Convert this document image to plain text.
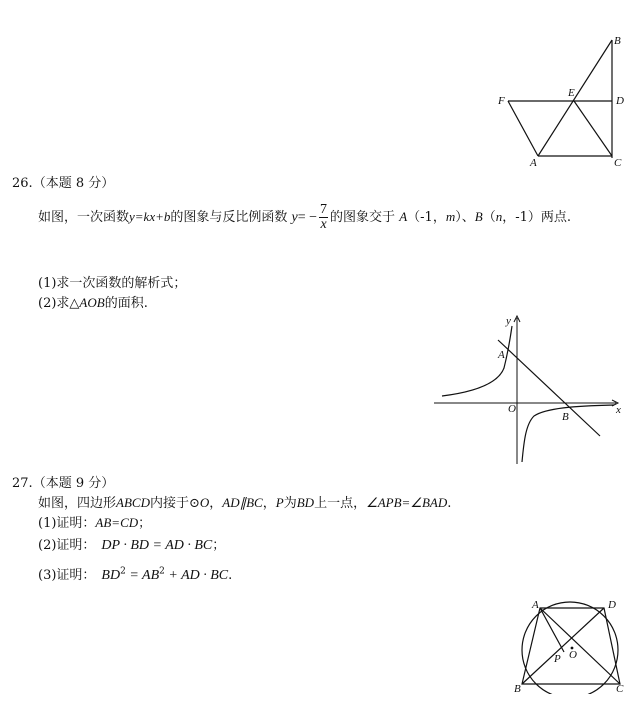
B
F
E
D
A	C
26.（本题 8 分）
如图，一次函数y=kx+b的图象与反比例函数 $y= - \frac{7}{x}$ 的图象交于 A（-1，m）、B（n，-1）两点.
(1)求一次函数的解析式；
(2)求△AOB的面积.
y
x
A
O
B
27.（本题 9 分）
如图，四边形ABCD内接于⊙O，AD∥BC，P为BD上一点，∠APB=∠BAD.
(1)证明：AB=CD；
(2)证明： DP · BD = AD · BC；
(3)证明： $BD^2 = AB^2$ + AD · BC.
A	D
P O
B	C
